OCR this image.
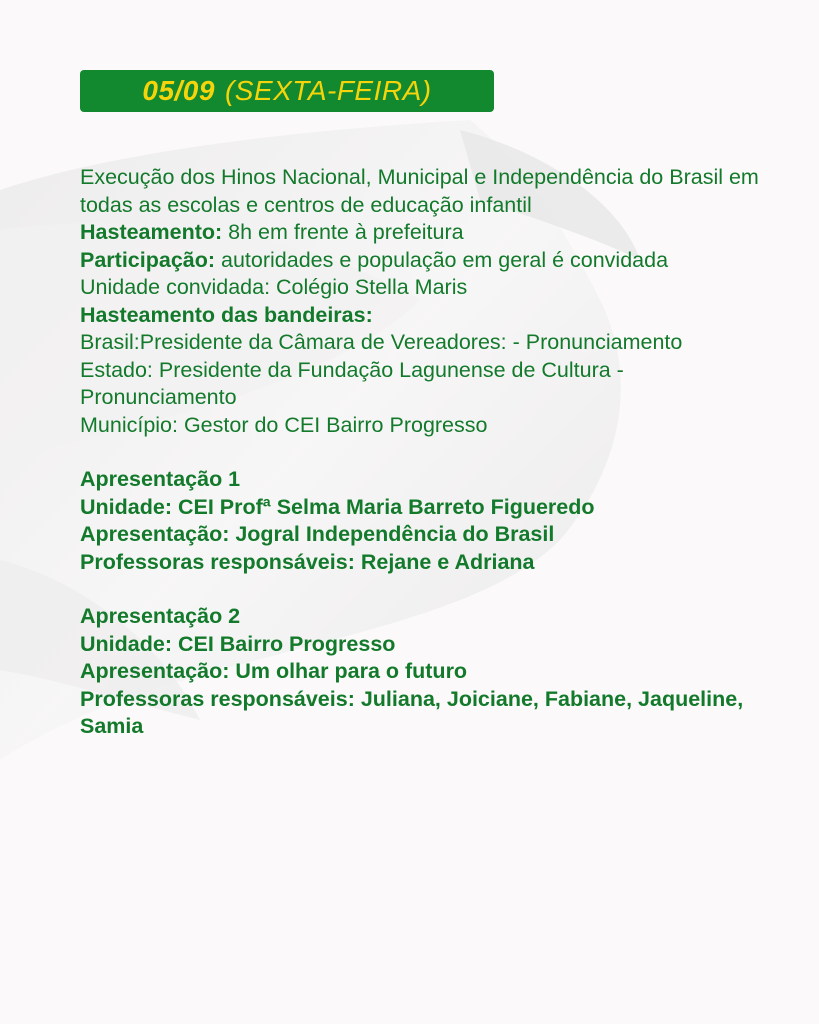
05/09 (SEXTA-FEIRA)

Execução dos Hinos Nacional, Municipal e Independência do Brasil em todas as escolas e centros de educação infantil

Hasteamento: 8h em frente à prefeitura

Participação: autoridades e população em geral é convidada

Unidade convidada: Colégio Stella Maris

Hasteamento das bandeiras:

Brasil:Presidente da Câmara de Vereadores: - Pronunciamento

Estado: Presidente da Fundação Lagunense de Cultura - Pronunciamento

Município: Gestor do CEI Bairro Progresso

Apresentação 1

Unidade: CEI Profª Selma Maria Barreto Figueredo

Apresentação: Jogral Independência do Brasil

Professoras responsáveis: Rejane e Adriana

Apresentação 2

Unidade: CEI Bairro Progresso

Apresentação: Um olhar para o futuro

Professoras responsáveis: Juliana, Joiciane, Fabiane, Jaqueline, Samia
